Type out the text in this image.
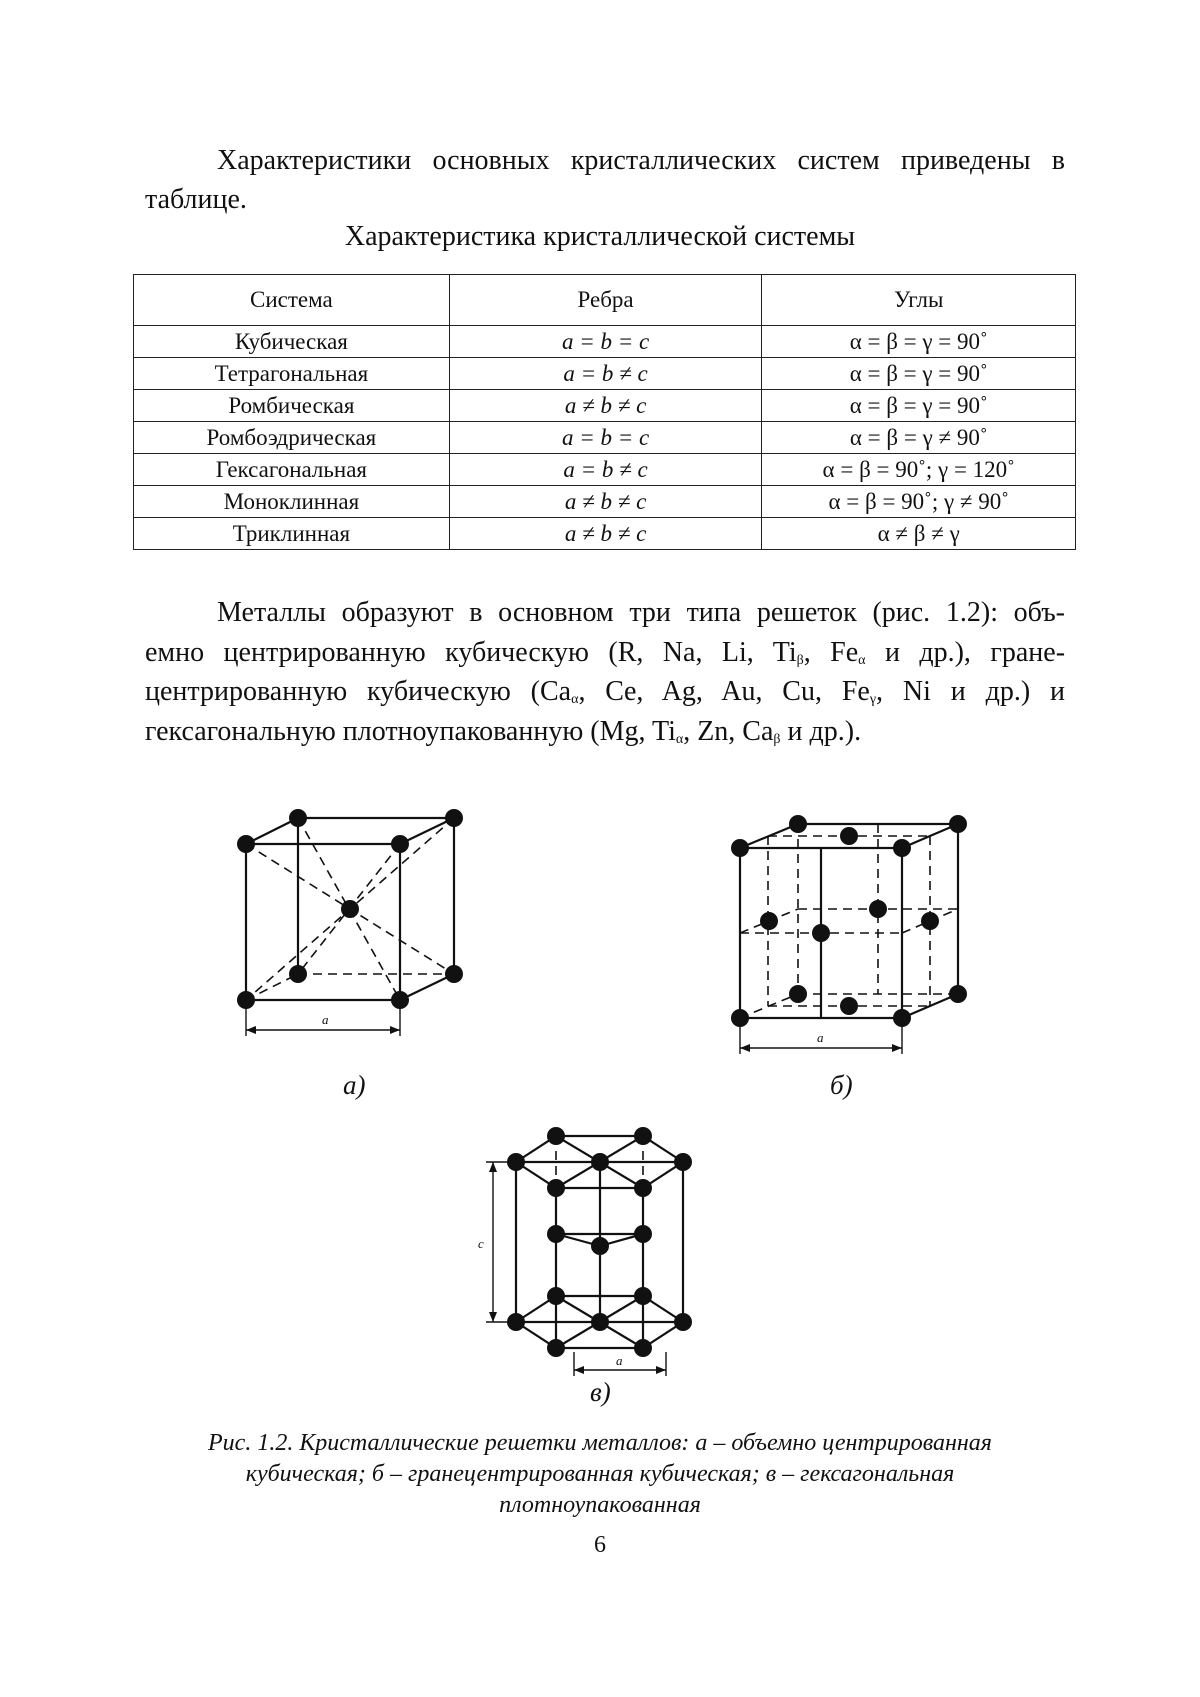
Характеристики основных кристаллических систем приведены в
таблице.
Характеристика кристаллической системы
Система	Ребра	Углы
Кубическая	a = b = c	α = β = γ = 90˚
Тетрагональная	a = b ≠ c	α = β = γ = 90˚
Ромбическая	a ≠ b ≠ c	α = β = γ = 90˚
Ромбоэдрическая	a = b = c	α = β = γ ≠ 90˚
Гексагональная	a = b ≠ c	α = β = 90˚; γ = 120˚
Моноклинная	a ≠ b ≠ c	α = β = 90˚; γ ≠ 90˚
Триклинная	a ≠ b ≠ c	α ≠ β ≠ γ
Металлы образуют в основном три типа решеток (рис. 1.2): объ-
емно центрированную кубическую (R, Na, Li, $Ti_\beta$, $Fe_\alpha$ и др.), гране-
центрированную кубическую ($Ca_\alpha$, Ce, Ag, Au, Cu, $Fe_\gamma$, Ni и др.) и
гексагональную плотноупакованную (Mg, $Ti_\alpha$, Zn, $Ca_\beta$ и др.).
a
a
c
a
а)	б)
в)
Рис. 1.2. Кристаллические решетки металлов: а – объемно центрированная
кубическая; б – гранецентрированная кубическая; в – гексагональная
плотноупакованная
6
